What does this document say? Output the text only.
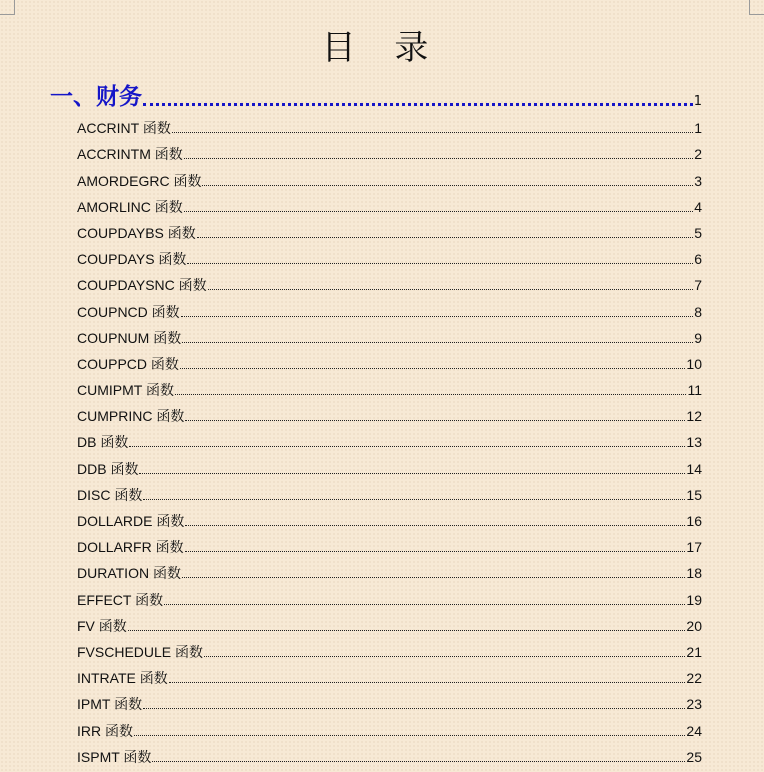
目 录
一、财务	1
ACCRINT 函数	1
ACCRINTM 函数	2
AMORDEGRC 函数	3
AMORLINC 函数	4
COUPDAYBS 函数	5
COUPDAYS 函数	6
COUPDAYSNC 函数	7
COUPNCD 函数	8
COUPNUM 函数	9
COUPPCD 函数	10
CUMIPMT 函数	11
CUMPRINC 函数	12
DB 函数	13
DDB 函数	14
DISC 函数	15
DOLLARDE 函数	16
DOLLARFR 函数	17
DURATION 函数	18
EFFECT 函数	19
FV 函数	20
FVSCHEDULE 函数	21
INTRATE 函数	22
IPMT 函数	23
IRR 函数	24
ISPMT 函数	25
